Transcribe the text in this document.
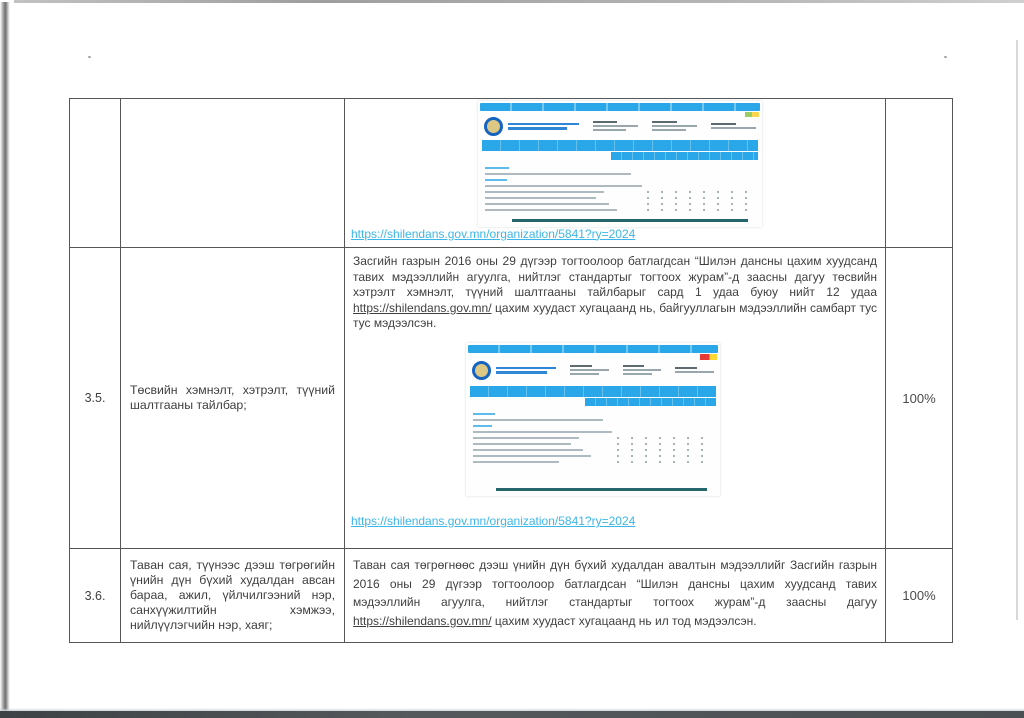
https://shilendans.gov.mn/organization/5841?ry=2024
3.5.
Төсвийн хэмнэлт, хэтрэлт, түүний шалтгааны тайлбар;
Засгийн газрын 2016 оны 29 дүгээр тогтоолоор батлагдсан “Шилэн дансны цахим хуудсанд тавих мэдээллийн агуулга, нийтлэг стандартыг тогтоох журам”-д заасны дагуу төсвийн хэтрэлт хэмнэлт, түүний шалтгааны тайлбарыг сард 1 удаа буюу нийт 12 удаа https://shilendans.gov.mn/ цахим хуудаст хугацаанд нь, байгууллагын мэдээллийн самбарт тус тус мэдээлсэн.
https://shilendans.gov.mn/organization/5841?ry=2024
100%
3.6.
Таван сая, түүнээс дээш төгрөгийн үнийн дүн бүхий худалдан авсан бараа, ажил, үйлчилгээний нэр, санхүүжилтийн хэмжээ, нийлүүлэгчийн нэр, хаяг;
Таван сая төгрөгнөөс дээш үнийн дүн бүхий худалдан авалтын мэдээллийг Засгийн газрын 2016 оны 29 дүгээр тогтоолоор батлагдсан “Шилэн дансны цахим хуудсанд тавих мэдээллийн агуулга, нийтлэг стандартыг тогтоох журам”-д заасны дагуу https://shilendans.gov.mn/ цахим хуудаст хугацаанд нь ил тод мэдээлсэн.
100%
